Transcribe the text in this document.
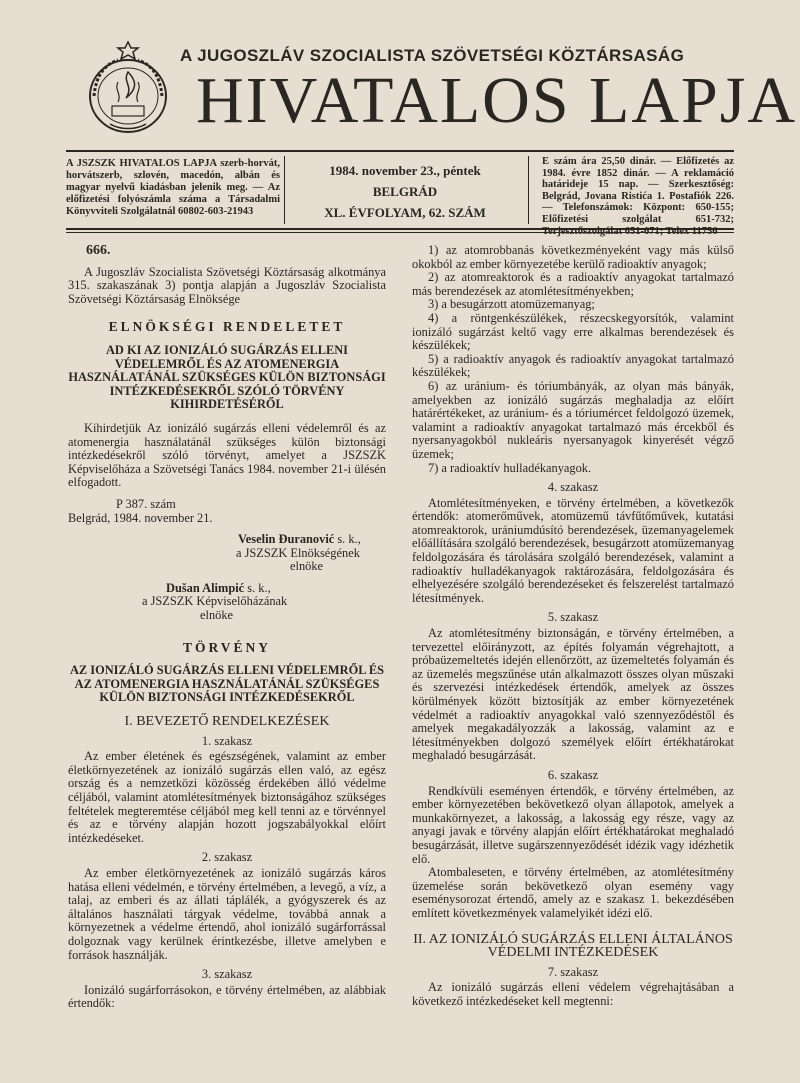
A JUGOSZLÁV SZOCIALISTA SZÖVETSÉGI KÖZTÁRSASÁG
HIVATALOS LAPJA
A JSZSZK HIVATALOS LAPJA szerb-horvát, horvátszerb, szlovén, macedón, albán és magyar nyelvű kiadásban jelenik meg. — Az előfizetési folyószámla száma a Társadalmi Könyvviteli Szolgálatnál 60802-603-21943
1984. november 23., péntek
BELGRÁD
XL. ÉVFOLYAM, 62. SZÁM
E szám ára 25,50 dinár. — Előfizetés az 1984. évre 1852 dinár. — A reklamáció határideje 15 nap. — Szerkesztőség: Belgrád, Jovana Ristića 1. Postafiók 226. — Telefonszámok: Központ: 650-155; Előfizetési szolgálat 651-732;

666.

A Jugoszláv Szocialista Szövetségi Köztársaság alkotmánya 315. szakaszának 3) pontja alapján a Jugoszláv Szocialista Szövetségi Köztársaság Elnöksége

ELNÖKSÉGI RENDELETET

AD KI AZ IONIZÁLÓ SUGÁRZÁS ELLENI VÉDELEMRŐL ÉS AZ ATOMENERGIA HASZNÁLATÁNÁL SZÜKSÉGES KÜLÖN BIZTONSÁGI INTÉZKEDÉSEKRŐL SZÓLÓ TÖRVÉNY KIHIRDETÉSÉRŐL

Kihirdetjük Az ionizáló sugárzás elleni védelemről és az atomenergia használatánál szükséges külön biztonsági intézkedésekről szóló törvényt, amelyet a JSZSZK Képviselőháza a Szövetségi Tanács 1984. november 21-i ülésén elfogadott.

P 387. szám

Belgrád, 1984. november 21.

Veselin Đuranović s. k.,

a JSZSZK Elnökségének

elnöke

Dušan Alimpić s. k.,

a JSZSZK Képviselőházának

elnöke

TÖRVÉNY

AZ IONIZÁLÓ SUGÁRZÁS ELLENI VÉDELEMRŐL ÉS AZ ATOMENERGIA HASZNÁLATÁNÁL SZÜKSÉGES KÜLÖN BIZTONSÁGI INTÉZKEDÉSEKRŐL

I. BEVEZETŐ RENDELKEZÉSEK

1. szakasz

Az ember életének és egészségének, valamint az ember életkörnyezetének az ionizáló sugárzás ellen való, az egész ország és a nemzetközi közösség érdekében álló védelme céljából, valamint atomlétesítmények biztonságához szükséges feltételek megteremtése céljából meg kell tenni az e törvénnyel és az e törvény alapján hozott jogszabályokkal előírt intézkedéseket.

2. szakasz

Az ember életkörnyezetének az ionizáló sugárzás káros hatása elleni védelmén, e törvény értelmében, a levegő, a víz, a talaj, az emberi és az állati táplálék, a gyógyszerek és az általános használati tárgyak védelme, továbbá annak a környezetnek a védelme értendő, ahol ionizáló sugárforrással dolgoznak vagy kerülnek érintkezésbe, illetve amelyben e források használják.

3. szakasz

Ionizáló sugárforrásokon, e törvény értelmében, az alábbiak értendők:

1) az atomrobbanás következményeként vagy más külső okokból az ember környezetébe kerülő radioaktív anyagok;

2) az atomreaktorok és a radioaktív anyagokat tartalmazó más berendezések az atomlétesítményekben;

3) a besugárzott atomüzemanyag;

4) a röntgenkészülékek, részecskegyorsítók, valamint ionizáló sugárzást keltő vagy erre alkalmas berendezések és készülékek;

5) a radioaktív anyagok és radioaktív anyagokat tartalmazó készülékek;

6) az uránium- és tóriumbányák, az olyan más bányák, amelyekben az ionizáló sugárzás meghaladja az előírt határértékeket, az uránium- és a tóriumércet feldolgozó üzemek, valamint a radioaktív anyagokat tartalmazó más ércekből és nyersanyagokból nukleáris nyersanyagok kinyerését végző üzemek;

7) a radioaktív hulladékanyagok.

4. szakasz

Atomlétesítményeken, e törvény értelmében, a következők értendők: atomerőművek, atomüzemű távfűtőművek, kutatási atomreaktorok, urániumdúsító berendezések, üzemanyagelemek előállítására szolgáló berendezések, besugárzott atomüzemanyag feldolgozására és tárolására szolgáló berendezések, valamint a radioaktív hulladékanyagok raktározására, feldolgozására és elhelyezésére szolgáló berendezéseket és felszerelést tartalmazó létesítmények.

5. szakasz

Az atomlétesítmény biztonságán, e törvény értelmében, a tervezettel előirányzott, az építés folyamán végrehajtott, a próbaüzemeltetés idején ellenőrzött, az üzemeltetés folyamán és az üzemelés megszűnése után alkalmazott összes olyan műszaki és szervezési intézkedések értendők, amelyek az összes körülmények között biztosítják az ember környezetének védelmét a radioaktív anyagokkal való szennyeződéstől és amelyek megakadályozzák a lakosság, valamint az e létesítményekben dolgozó személyek előírt értékhatárokat meghaladó besugárzását.

6. szakasz

Rendkívüli eseményen értendők, e törvény értelmében, az ember környezetében bekövetkező olyan állapotok, amelyek a munkakörnyezet, a lakosság, a lakosság egy része, vagy az anyagi javak e törvény alapján előírt értékhatárokat meghaladó besugárzását, illetve sugárszennyeződését idézik vagy idézhetik elő.

Atombaleseten, e törvény értelmében, az atomlétesítmény üzemelése során bekövetkező olyan esemény vagy eseménysorozat értendő, amely az e szakasz 1. bekezdésében említett következmények valamelyikét idézi elő.

II. AZ IONIZÁLÓ SUGÁRZÁS ELLENI ÁLTALÁNOS VÉDELMI INTÉZKEDÉSEK

7. szakasz

Az ionizáló sugárzás elleni védelem végrehajtásában a következő intézkedéseket kell megtenni:
